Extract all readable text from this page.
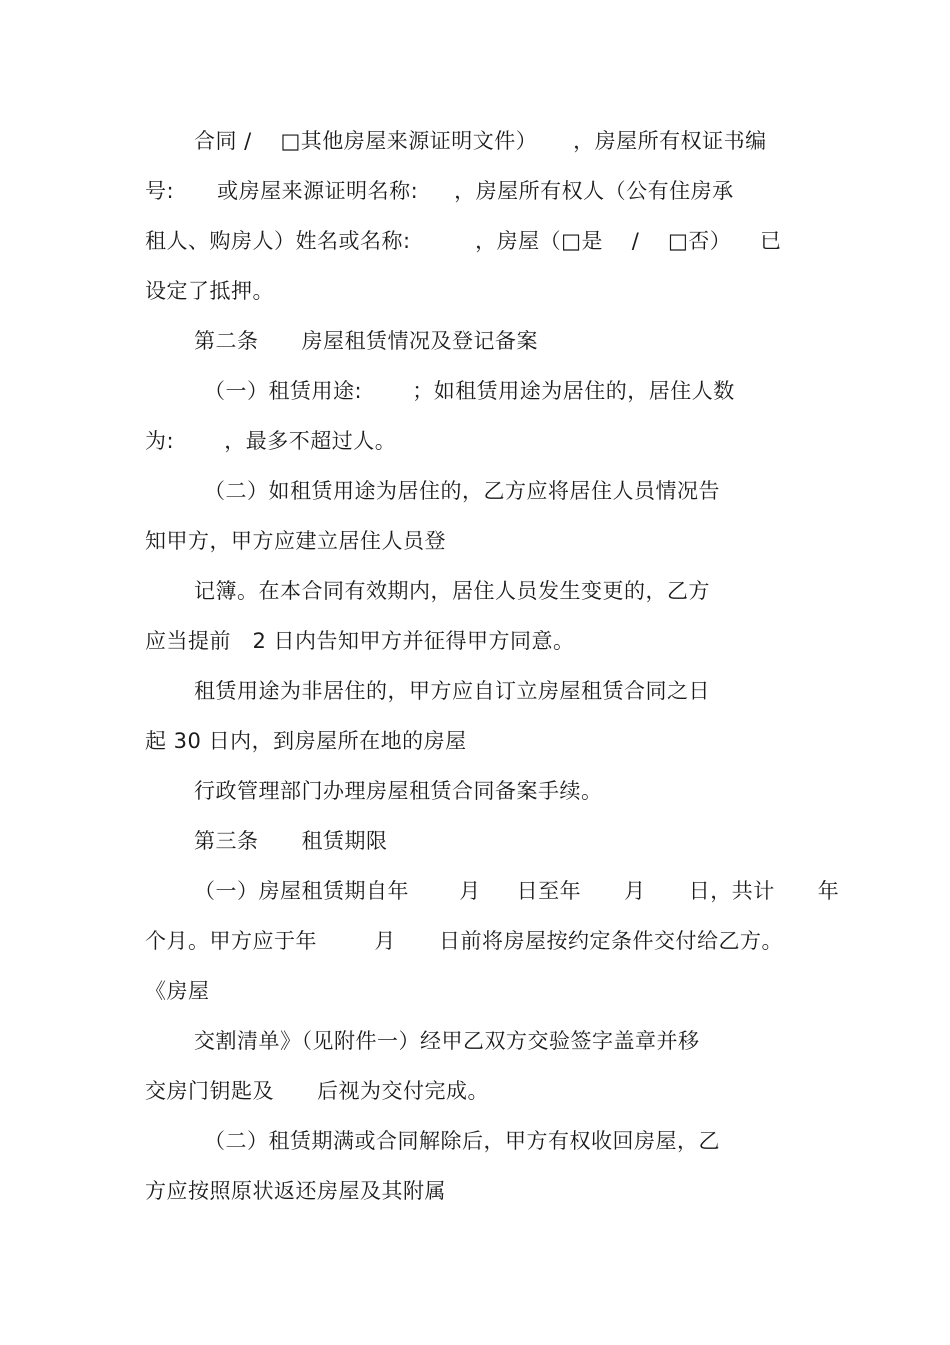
合同 /    □其他房屋来源证明文件）     ，房屋所有权证书编
号:      或房屋来源证明名称:     ，房屋所有权人（公有住房承
租人、购房人）姓名或名称:         ，房屋（□是    /    □否）    已
设定了抵押。
第二条      房屋租赁情况及登记备案
（一）租赁用途:       ；如租赁用途为居住的，居住人数
为:       ，最多不超过人。
（二）如租赁用途为居住的，乙方应将居住人员情况告
知甲方，甲方应建立居住人员登
记簿。在本合同有效期内，居住人员发生变更的，乙方
应当提前   2 日内告知甲方并征得甲方同意。
租赁用途为非居住的，甲方应自订立房屋租赁合同之日
起 30 日内，到房屋所在地的房屋
行政管理部门办理房屋租赁合同备案手续。
第三条      租赁期限
（一）房屋租赁期自年       月     日至年      月      日，共计      年
个月。甲方应于年        月      日前将房屋按约定条件交付给乙方。
《房屋
交割清单》（见附件一）经甲乙双方交验签字盖章并移
交房门钥匙及      后视为交付完成。
（二）租赁期满或合同解除后，甲方有权收回房屋，乙
方应按照原状返还房屋及其附属
